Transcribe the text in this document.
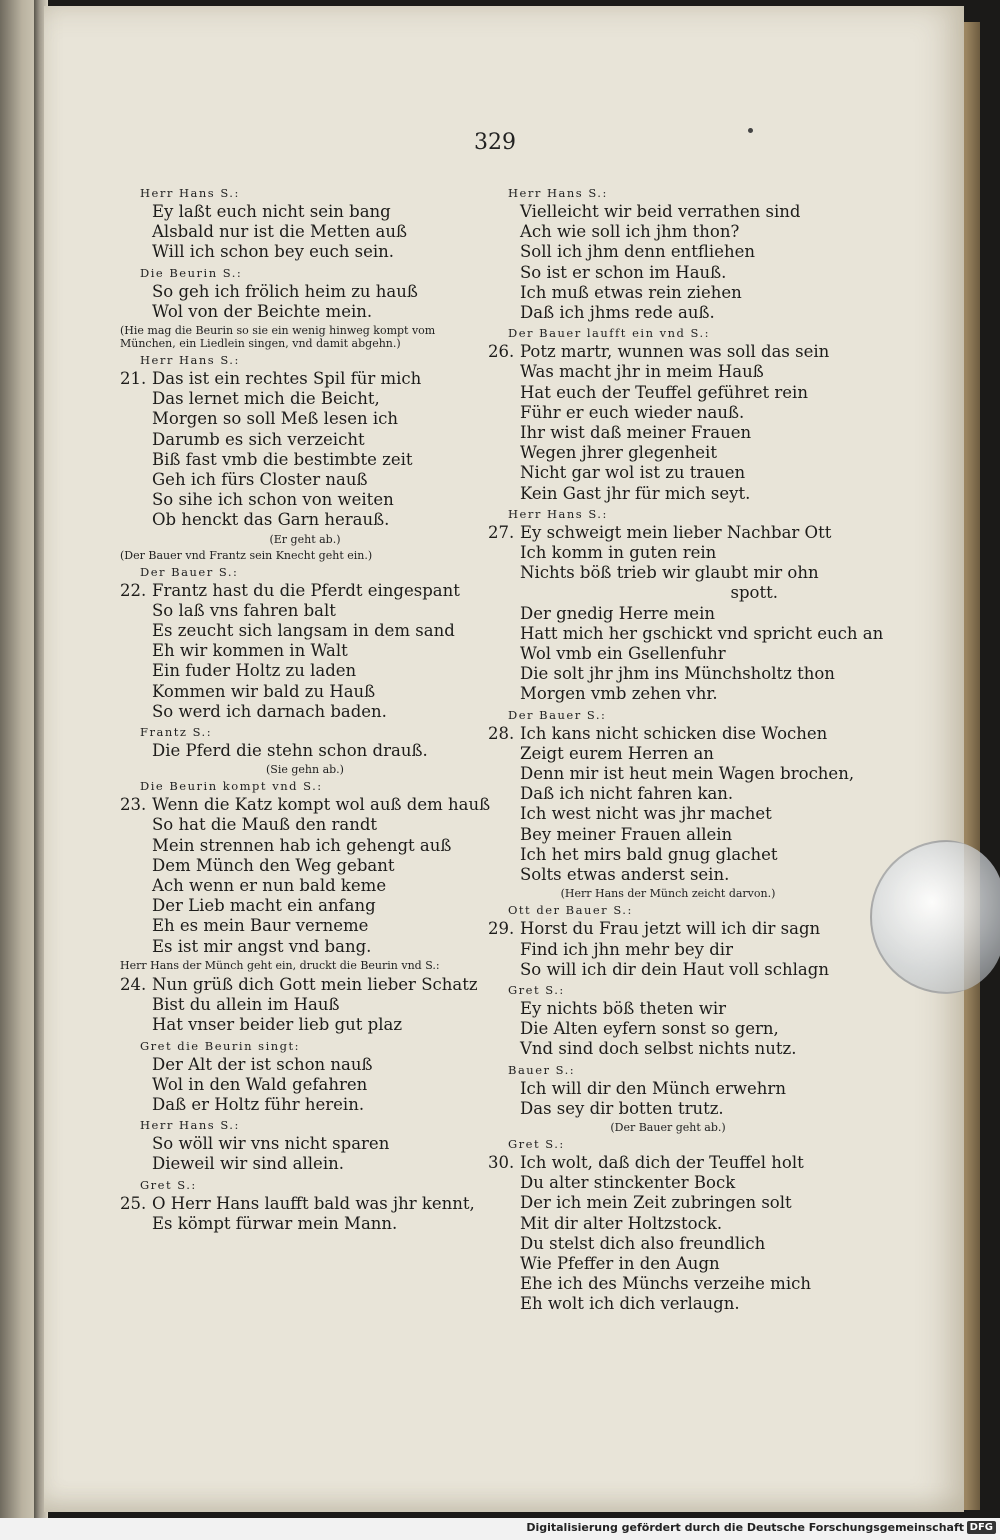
329
Herr Hans S.:
Ey laßt euch nicht sein bang
Alsbald nur ist die Metten auß
Will ich schon bey euch sein.
Die Beurin S.:
So geh ich frölich heim zu hauß
Wol von der Beichte mein.
(Hie mag die Beurin so sie ein wenig hinweg kompt vom München, ein Liedlein singen, vnd damit abgehn.)
Herr Hans S.:
21. Das ist ein rechtes Spil für mich
Das lernet mich die Beicht,
Morgen so soll Meß lesen ich
Darumb es sich verzeicht
Biß fast vmb die bestimbte zeit
Geh ich fürs Closter nauß
So sihe ich schon von weiten
Ob henckt das Garn herauß.
(Er geht ab.)
(Der Bauer vnd Frantz sein Knecht geht ein.)
Der Bauer S.:
22. Frantz hast du die Pferdt eingespant
So laß vns fahren balt
Es zeucht sich langsam in dem sand
Eh wir kommen in Walt
Ein fuder Holtz zu laden
Kommen wir bald zu Hauß
So werd ich darnach baden.
Frantz S.:
Die Pferd die stehn schon drauß.
(Sie gehn ab.)
Die Beurin kompt vnd S.:
23. Wenn die Katz kompt wol auß dem hauß
So hat die Mauß den randt
Mein strennen hab ich gehengt auß
Dem Münch den Weg gebant
Ach wenn er nun bald keme
Der Lieb macht ein anfang
Eh es mein Baur verneme
Es ist mir angst vnd bang.
Herr Hans der Münch geht ein, druckt die Beurin vnd S.:
24. Nun grüß dich Gott mein lieber Schatz
Bist du allein im Hauß
Hat vnser beider lieb gut plaz
Gret die Beurin singt:
Der Alt der ist schon nauß
Wol in den Wald gefahren
Daß er Holtz führ herein.
Herr Hans S.:
So wöll wir vns nicht sparen
Dieweil wir sind allein.
Gret S.:
25. O Herr Hans laufft bald was jhr kennt,
Es kömpt fürwar mein Mann.
Herr Hans S.:
Vielleicht wir beid verrathen sind
Ach wie soll ich jhm thon?
Soll ich jhm denn entfliehen
So ist er schon im Hauß.
Ich muß etwas rein ziehen
Daß ich jhms rede auß.
Der Bauer laufft ein vnd S.:
26. Potz martr, wunnen was soll das sein
Was macht jhr in meim Hauß
Hat euch der Teuffel geführet rein
Führ er euch wieder nauß.
Ihr wist daß meiner Frauen
Wegen jhrer glegenheit
Nicht gar wol ist zu trauen
Kein Gast jhr für mich seyt.
Herr Hans S.:
27. Ey schweigt mein lieber Nachbar Ott
Ich komm in guten rein
Nichts böß trieb wir glaubt mir ohn
spott.
Der gnedig Herre mein
Hatt mich her gschickt vnd spricht euch an
Wol vmb ein Gsellenfuhr
Die solt jhr jhm ins Münchsholtz thon
Morgen vmb zehen vhr.
Der Bauer S.:
28. Ich kans nicht schicken dise Wochen
Zeigt eurem Herren an
Denn mir ist heut mein Wagen brochen,
Daß ich nicht fahren kan.
Ich west nicht was jhr machet
Bey meiner Frauen allein
Ich het mirs bald gnug glachet
Solts etwas anderst sein.
(Herr Hans der Münch zeicht darvon.)
Ott der Bauer S.:
29. Horst du Frau jetzt will ich dir sagn
Find ich jhn mehr bey dir
So will ich dir dein Haut voll schlagn
Gret S.:
Ey nichts böß theten wir
Die Alten eyfern sonst so gern,
Vnd sind doch selbst nichts nutz.
Bauer S.:
Ich will dir den Münch erwehrn
Das sey dir botten trutz.
(Der Bauer geht ab.)
Gret S.:
30. Ich wolt, daß dich der Teuffel holt
Du alter stinckenter Bock
Der ich mein Zeit zubringen solt
Mit dir alter Holtzstock.
Du stelst dich also freundlich
Wie Pfeffer in den Augn
Ehe ich des Münchs verzeihe mich
Eh wolt ich dich verlaugn.
Digitalisierung gefördert durch die Deutsche Forschungsgemeinschaft DFG
